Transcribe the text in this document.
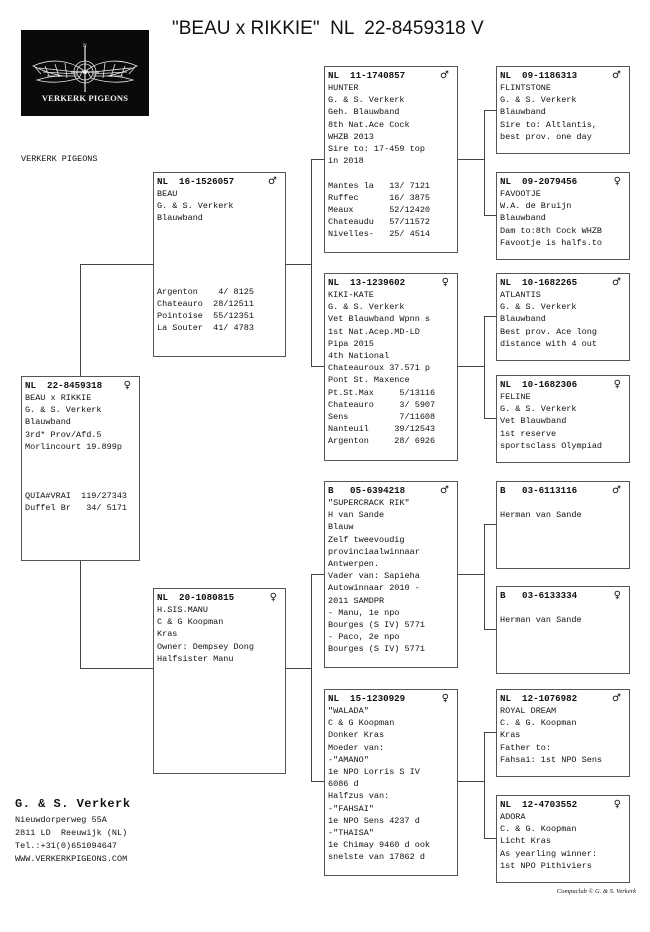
"BEAU x RIKKIE"  NL  22-8459318 V
N
VERKERK PIGEONS
VERKERK PIGEONS
NL  22-8459318 ♀
BEAU x RIKKIE
G. & S. Verkerk
Blauwband
3rd* Prov/Afd.5
Morlincourt 19.899p
QUIA#VRAI  119/27343
Duffel Br   34/ 5171
NL  16-1526057	♂
BEAU
G. & S. Verkerk
Blauwband
Argenton    4/ 8125
Chateauro  28/12511
Pointoise  55/12351
La Souter  41/ 4783
NL  20-1080815	♀
H.SIS.MANU
C & G Koopman
Kras
Owner: Dempsey Dong
Halfsister Manu
NL  11-1740857	♂
HUNTER
G. & S. Verkerk
Geh. Blauwband
8th Nat.Ace Cock
WHZB 2013
Sire to: 17-459 top
in 2018
Mantes la   13/ 7121
Ruffec      16/ 3875
Meaux       52/12420
Chateaudu   57/11572
Nivelles-   25/ 4514
NL  13-1239602	♀
KIKI-KATE
G. & S. Verkerk
Vet Blauwband Wpnn s
1st Nat.Acep.MD-LD
Pipa 2015
4th National
Chateauroux 37.571 p
Pont St. Maxence
Pt.St.Max     5/13116
Chateauro     3/ 5907
Sens          7/11608
Nanteuil     39/12543
Argenton     28/ 6926
B   05-6394218	♂
"SUPERCRACK RIK"
H van Sande
Blauw
Zelf tweevoudig
provinciaalwinnaar
Antwerpen.
Vader van: Sapieha
Autowinnaar 2010 -
2011 SAMDPR
- Manu, 1e npo
Bourges (S IV) 5771
- Paco, 2e npo
Bourges (S IV) 5771
NL  15-1230929	♀
"WALADA"
C & G Koopman
Donker Kras
Moeder van:
-"AMANO"
1e NPO Lorris S IV
6086 d
Halfzus van:
-"FAHSAI"
1e NPO Sens 4237 d
-"THAISA"
1e Chimay 9460 d ook
snelste van 17862 d
NL  09-1186313	♂
FLINTSTONE
G. & S. Verkerk
Blauwband
Sire to: Altlantis,
best prov. one day
NL  09-2079456	♀
FAVOOTJE
W.A. de Bruijn
Blauwband
Dam to:8th Cock WHZB
Favootje is halfs.to
NL  10-1682265	♂
ATLANTIS
G. & S. Verkerk
Blauwband
Best prov. Ace long
distance with 4 out
NL  10-1682306	♀
FELINE
G. & S. Verkerk
Vet Blauwband
1st reserve
sportsclass Olympiad
B   03-6113116	♂
Herman van Sande
B   03-6133334	♀
Herman van Sande
NL  12-1076982	♂
ROYAL DREAM
C. & G. Koopman
Kras
Father to:
Fahsai: 1st NPO Sens
NL  12-4703552	♀
ADORA
C. & G. Koopman
Licht Kras
As yearling winner:
1st NPO Pithiviers
G. & S. Verkerk
Nieuwdorperweg 55A
2811 LD  Reeuwijk (NL)
Tel.:+31(0)651094647
WWW.VERKERKPIGEONS.COM
Compuclub © G. & S. Verkerk
